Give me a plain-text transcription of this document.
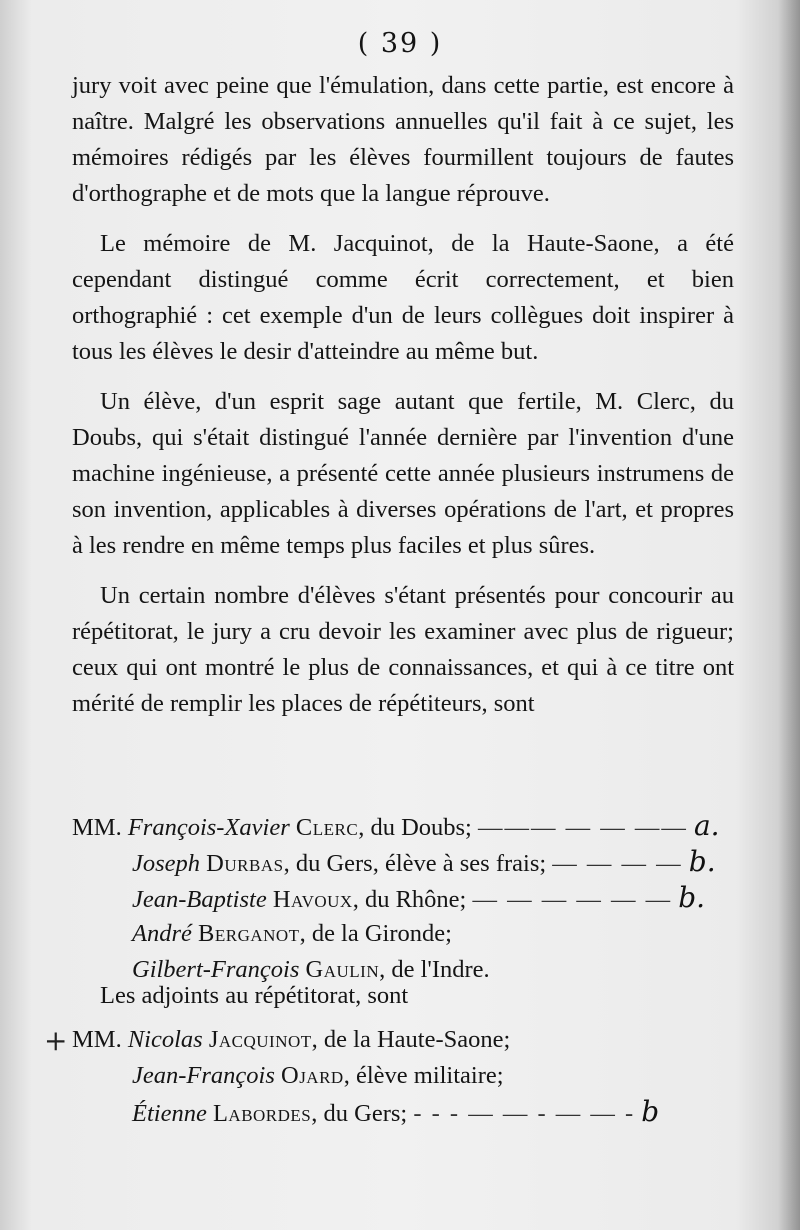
( 39 )

jury voit avec peine que l'émulation, dans cette partie, est encore à naître. Malgré les observations annuelles qu'il fait à ce sujet, les mémoires rédigés par les élèves fourmillent toujours de fautes d'orthographe et de mots que la langue réprouve.

Le mémoire de M. Jacquinot, de la Haute-Saone, a été cependant distingué comme écrit correctement, et bien orthographié : cet exemple d'un de leurs collègues doit inspirer à tous les élèves le desir d'atteindre au même but.

Un élève, d'un esprit sage autant que fertile, M. Clerc, du Doubs, qui s'était distingué l'année dernière par l'invention d'une machine ingénieuse, a présenté cette année plusieurs instrumens de son invention, applicables à diverses opérations de l'art, et propres à les rendre en même temps plus faciles et plus sûres.

Un certain nombre d'élèves s'étant présentés pour concourir au répétitorat, le jury a cru devoir les examiner avec plus de rigueur; ceux qui ont montré le plus de connaissances, et qui à ce titre ont mérité de remplir les places de répétiteurs, sont

MM. François-Xavier Clerc, du Doubs; ——— — — —— a.
Joseph Durbas, du Gers, élève à ses frais; — — — — b.
Jean-Baptiste Havoux, du Rhône; — — — — — — b.
André Berganot, de la Gironde;
Gilbert-François Gaulin, de l'Indre.
Les adjoints au répétitorat, sont
+ MM. Nicolas Jacquinot, de la Haute-Saone;
Jean-François Ojard, élève militaire;
Étienne Labordes, du Gers; - - - — — - — — - b
